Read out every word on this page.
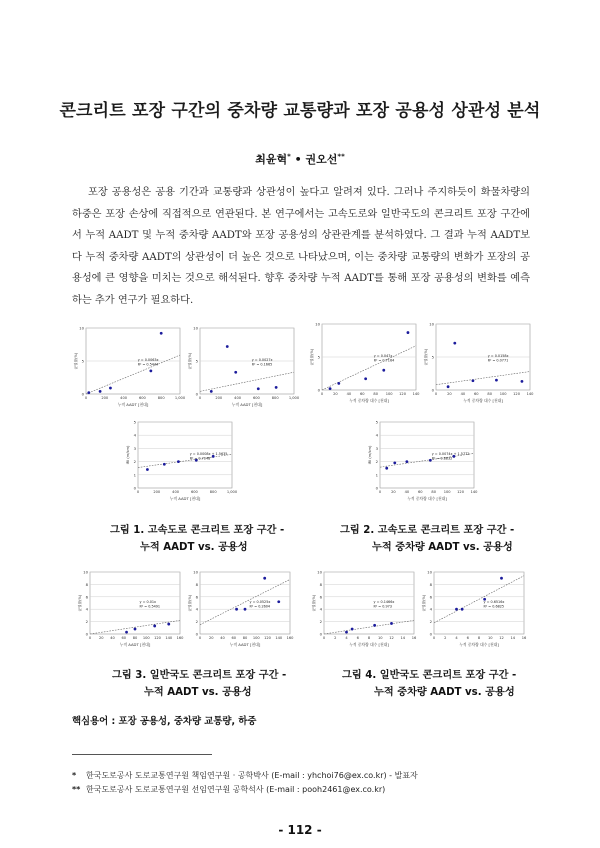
콘크리트 포장 구간의 중차량 교통량과 포장 공용성 상관성 분석
최윤혁* • 권오선**
포장 공용성은 공용 기간과 교통량과 상관성이 높다고 알려져 있다. 그러나 주지하듯이 화물차량의 하중은 포장 손상에 직접적으로 연관된다. 본 연구에서는 고속도로와 일반국도의 콘크리트 포장 구간에서 누적 AADT 및 누적 중차량 AADT와 포장 공용성의 상관관계를 분석하였다. 그 결과 누적 AADT보다 누적 중차량 AADT의 상관성이 더 높은 것으로 나타났으며, 이는 중차량 교통량의 변화가 포장의 공용성에 큰 영향을 미치는 것으로 해석된다. 향후 중차량 누적 AADT를 통해 포장 공용성의 변화를 예측하는 추가 연구가 필요하다.
0
5
10
0	200	400	600	800	1,000
누적 AADT [천대]
균열률(%)	y = 0.0063x
R² = 0.5444
0
5
10
0	200	400	600	800	1,000
누적 AADT [천대]
균열률(%)	y = 0.0027x
R² = 0.1665
0
1
2
3
4
5
0	200	400	600	800	1,000
누적 AADT [천대]
IRI (m/km)	y = 0.0008x + 1.5635
R² = 0.7148
그림 1. 고속도로 콘크리트 포장 구간 -
누적 AADT vs. 공용성
0
5
10
0	20 40 60 80 100 120 140
누적 중차량 대수 [천대]
균열률(%)	y = 0.047x
R² = 0.7164
0
5
10
0	20 40 60 80 100 120 140
누적 중차량 대수 [천대]
균열률(%)	y = 0.0158x
R² = 0.0771
0
1
2
3
4
5
0	20 40 60 80 100 120 140
누적 중차량 대수 [천대]
IRI (m/km)	y = 0.0074x + 1.5772
R² = 0.8832
그림 2. 고속도로 콘크리트 포장 구간 -
누적 중차량 AADT vs. 공용성
0
2
4
6
8
10
0 20 40 60 80 100 120 140 160
누적 AADT [천대]
균열률(%)	y = 0.01x
R² = 0.5491
0
2
4
6
8
10
0 20 40 60 80 100 120 140 160
누적 AADT [천대]
균열률(%)	y = 0.0525x
R² = 0.2604
그림 3. 일반국도 콘크리트 포장 구간 -
누적 AADT vs. 공용성
0
2
4
6
8
10
0 2 4 6 8 10 12 14 16
누적 중차량 대수 [천대]
균열률(%)	y = 0.1466x
R² = 0.973
0
2
4
6
8
10
0 2 4 6 8 10 12 14 16
누적 중차량 대수 [천대]
균열률(%)	y = 0.6516x
R² = 0.6825
그림 4. 일반국도 콘크리트 포장 구간 -
누적 중차량 AADT vs. 공용성
핵심용어 : 포장 공용성, 중차량 교통량, 하중
* 한국도로공사 도로교통연구원 책임연구원 · 공학박사 (E-mail : yhchoi76@ex.co.kr) - 발표자
** 한국도로공사 도로교통연구원 선임연구원 공학석사 (E-mail : pooh2461@ex.co.kr)
- 112 -
